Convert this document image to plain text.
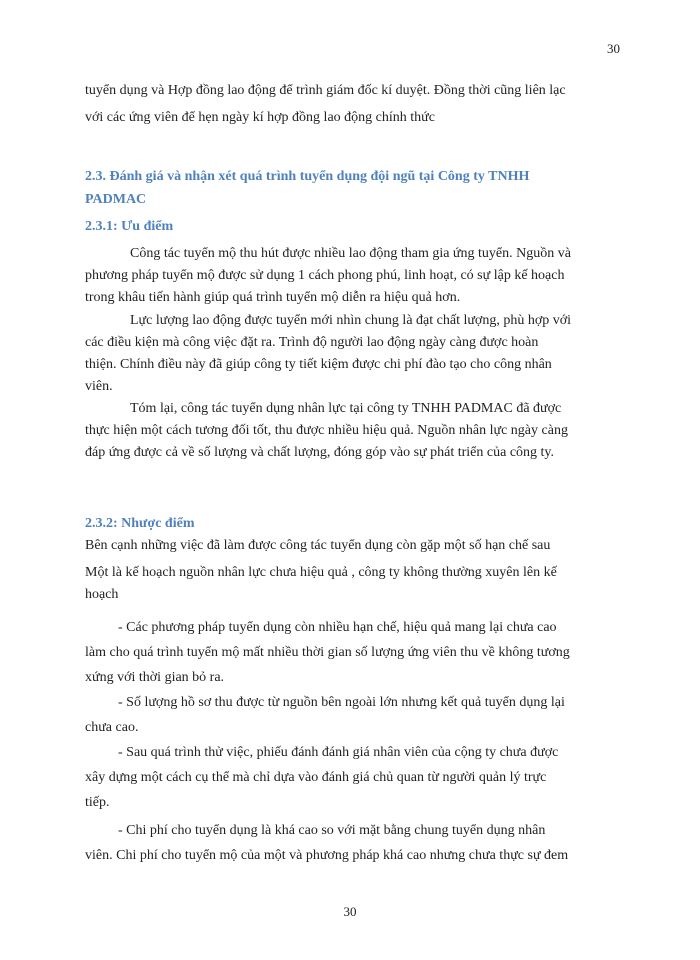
30
tuyển dụng và Hợp đồng lao động để trình giám đốc kí duyệt. Đồng thời cũng liên lạc
với các ứng viên để hẹn ngày kí hợp đồng lao động chính thức
2.3. Đánh giá và nhận xét quá trình tuyển dụng đội ngũ tại Công ty TNHH
PADMAC
2.3.1: Ưu điểm
Công tác tuyển mộ thu hút được nhiều lao động tham gia ứng tuyển. Nguồn và
phương pháp tuyển mộ được sử dụng 1 cách phong phú, linh hoạt, có sự lập kế hoạch
trong khâu tiến hành giúp quá trình tuyển mộ diễn ra hiệu quả hơn.
Lực lượng lao động được tuyển mới nhìn chung là đạt chất lượng, phù hợp với
các điều kiện mà công việc đặt ra. Trình độ người lao động ngày càng được hoàn
thiện. Chính điều này đã giúp công ty tiết kiệm được chi phí đào tạo cho công nhân
viên.
Tóm lại, công tác tuyển dụng nhân lực tại công ty TNHH PADMAC đã được
thực hiện một cách tương đối tốt, thu được nhiều hiệu quả. Nguồn nhân lực ngày càng
đáp ứng được cả về số lượng và chất lượng, đóng góp vào sự phát triển của công ty.
2.3.2: Nhược điểm
Bên cạnh những việc đã làm được công tác tuyển dụng còn gặp một số hạn chế sau
Một là kế hoạch nguồn nhân lực chưa hiệu quả , công ty không thường xuyên lên kế
hoạch
- Các phương pháp tuyển dụng còn nhiều hạn chế, hiệu quả mang lại chưa cao
làm cho quá trình tuyển mộ mất nhiều thời gian số lượng ứng viên thu về không tương
xứng với thời gian bỏ ra.
- Số lượng hồ sơ thu được từ nguồn bên ngoài lớn nhưng kết quả tuyển dụng lại
chưa cao.
- Sau quá trình thử việc, phiếu đánh đánh giá nhân viên của cộng ty chưa được
xây dựng một cách cụ thể mà chỉ dựa vào đánh giá chủ quan từ người quản lý trực
tiếp.
- Chi phí cho tuyển dụng là khá cao so với mặt bằng chung tuyển dụng nhân
viên. Chi phí cho tuyển mộ của một và phương pháp khá cao nhưng chưa thực sự đem
30
